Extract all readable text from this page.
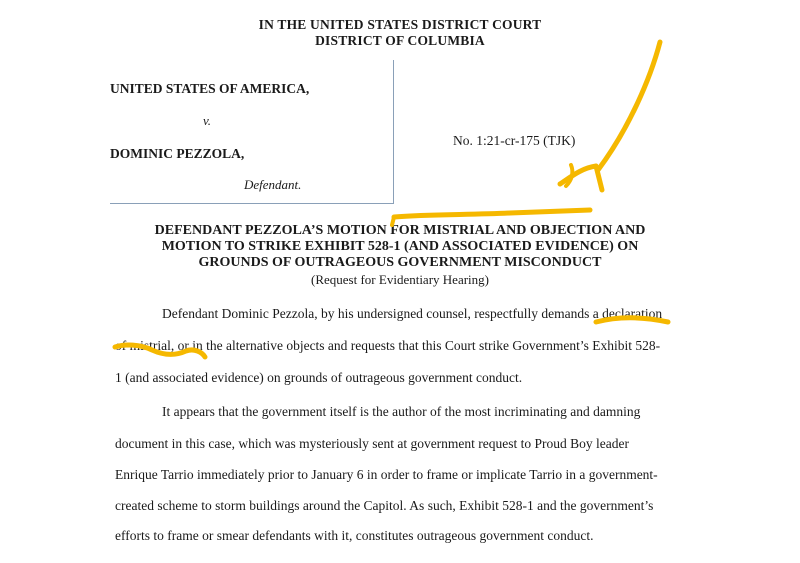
IN THE UNITED STATES DISTRICT COURT
DISTRICT OF COLUMBIA
UNITED STATES OF AMERICA,
v.
DOMINIC PEZZOLA,
Defendant.
No. 1:21-cr-175 (TJK)
DEFENDANT PEZZOLA’S MOTION FOR MISTRIAL AND OBJECTION AND
MOTION TO STRIKE EXHIBIT 528-1 (AND ASSOCIATED EVIDENCE) ON
GROUNDS OF OUTRAGEOUS GOVERNMENT MISCONDUCT
(Request for Evidentiary Hearing)
Defendant Dominic Pezzola, by his undersigned counsel, respectfully demands a declaration
of mistrial, or in the alternative objects and requests that this Court strike Government’s Exhibit 528-
1 (and associated evidence) on grounds of outrageous government conduct.
It appears that the government itself is the author of the most incriminating and damning
document in this case, which was mysteriously sent at government request to Proud Boy leader
Enrique Tarrio immediately prior to January 6 in order to frame or implicate Tarrio in a government-
created scheme to storm buildings around the Capitol. As such, Exhibit 528-1 and the government’s
efforts to frame or smear defendants with it, constitutes outrageous government conduct.
